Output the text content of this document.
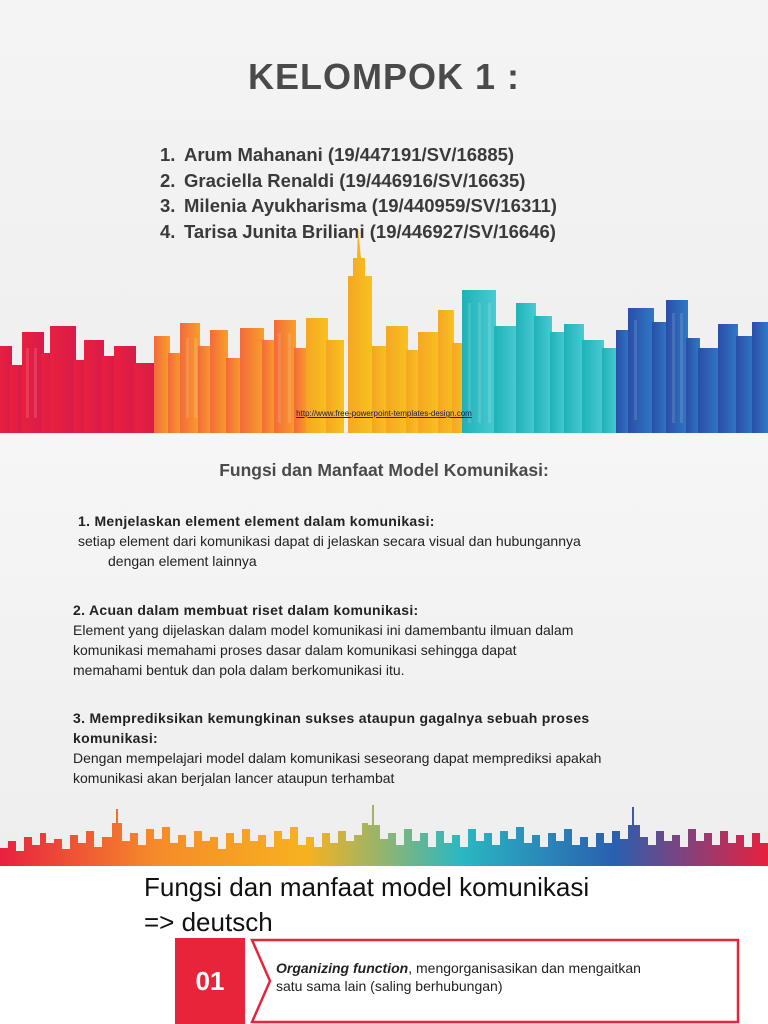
KELOMPOK 1 :
1. Arum Mahanani (19/447191/SV/16885)
2. Graciella Renaldi (19/446916/SV/16635)
3. Milenia Ayukharisma (19/440959/SV/16311)
4. Tarisa Junita Briliani (19/446927/SV/16646)
http://www.free-powerpoint-templates-design.com
Fungsi dan Manfaat Model Komunikasi:
1. Menjelaskan element element dalam komunikasi:
setiap element dari komunikasi dapat di jelaskan secara visual dan hubungannya
dengan element lainnya
2. Acuan dalam membuat riset dalam komunikasi:
Element yang dijelaskan dalam model komunikasi ini damembantu ilmuan dalam
komunikasi memahami proses dasar dalam komunikasi sehingga dapat
memahami bentuk dan pola dalam berkomunikasi itu.
3. Memprediksikan kemungkinan sukses ataupun gagalnya sebuah proses
komunikasi:
Dengan mempelajari model dalam komunikasi seseorang dapat memprediksi apakah
komunikasi akan berjalan lancer ataupun terhambat
Fungsi dan manfaat model komunikasi
=> deutsch
01	Organizing function, mengorganisasikan dan mengaitkan
satu sama lain (saling berhubungan)
